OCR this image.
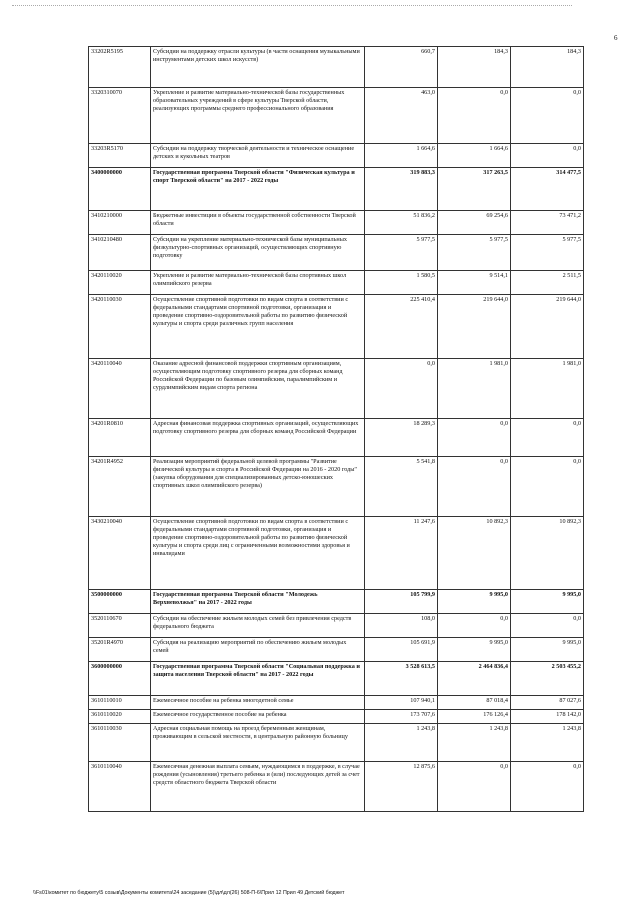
6
33202R5195	Субсидии на поддержку отрасли культуры (в части оснащения музыкальными инструментами детских школ искусств)	660,7	184,3	184,3
3320310070	Укрепление и развитие материально-технической базы государственных образовательных учреждений в сфере культуры Тверской области, реализующих программы среднего профессионального образования	463,0	0,0	0,0
33203R5170	Субсидии на поддержку творческой деятельности и техническое оснащение детских и кукольных театров	1 664,6	1 664,6	0,0
3400000000	Государственная программа Тверской области "Физическая культура и спорт Тверской области" на 2017 - 2022 годы	319 883,3	317 263,5	314 477,5
3410210000	Бюджетные инвестиции в объекты государственной собственности Тверской области	51 836,2	69 254,6	73 471,2
3410210480	Субсидии на укрепление материально-технической базы муниципальных физкультурно-спортивных организаций, осуществляющих спортивную подготовку	5 977,5	5 977,5	5 977,5
3420110020	Укрепление и развитие материально-технической базы спортивных школ олимпийского резерва	1 580,5	9 514,1	2 511,5
3420110030	Осуществление спортивной подготовки по видам спорта в соответствии с федеральными стандартами спортивной подготовки, организация и проведение спортивно-оздоровительной работы по развитию физической культуры и спорта среди различных групп населения	225 410,4	219 644,0	219 644,0
3420110040	Оказание адресной финансовой поддержки спортивным организациям, осуществляющим подготовку спортивного резерва для сборных команд Российской Федерации по базовым олимпийским, паралимпийским и сурдлимпийским видам спорта региона	0,0	1 981,0	1 981,0
34201R0810	Адресная финансовая поддержка спортивных организаций, осуществляющих подготовку спортивного резерва для сборных команд Российской Федерации	18 289,3	0,0	0,0
34201R4952	Реализация мероприятий федеральной целевой программы "Развитие физической культуры и спорта в Российской Федерации на 2016 - 2020 годы" (закупка оборудования для специализированных детско-юношеских спортивных школ олимпийского резерва)	5 541,8	0,0	0,0
3430210040	Осуществление спортивной подготовки по видам спорта в соответствии с федеральными стандартами спортивной подготовки, организация и проведение спортивно-оздоровительной работы по развитию физической культуры и спорта среди лиц с ограниченными возможностями здоровья и инвалидами	11 247,6	10 892,3	10 892,3
3500000000	Государственная программа Тверской области "Молодежь Верхневолжья" на 2017 - 2022 годы	105 799,9	9 995,0	9 995,0
3520110670	Субсидии на обеспечение жильем молодых семей без привлечения средств федерального бюджета	108,0	0,0	0,0
35201R4970	Субсидия на реализацию мероприятий по обеспечению жильем молодых семей	105 691,9	9 995,0	9 995,0
3600000000	Государственная программа Тверской области "Социальная поддержка и защита населения Тверской области" на 2017 - 2022 годы	3 528 613,5	2 464 836,4	2 503 455,2
3610110010	Ежемесячное пособие на ребенка многодетной семье	107 940,1	87 018,4	87 027,6
3610110020	Ежемесячное государственное пособие на ребенка	173 707,6	176 126,4	178 142,0
3610110030	Адресная социальная помощь на проезд беременным женщинам, проживающим в сельской местности, в центральную районную больницу	1 243,8	1 243,8	1 243,8
3610110040	Ежемесячная денежная выплата семьям, нуждающимся в поддержке, в случае рождения (усыновления) третьего ребенка и (или) последующих детей за счет средств областного бюджета Тверской области	12 875,6	0,0	0,0
\\Fs01\комитет по бюджету\5 созыв\Документы комитета\24 заседание (5)\дл\дл(26) 508-П-6\Прил 12 Прил 49 Детский бюджет
